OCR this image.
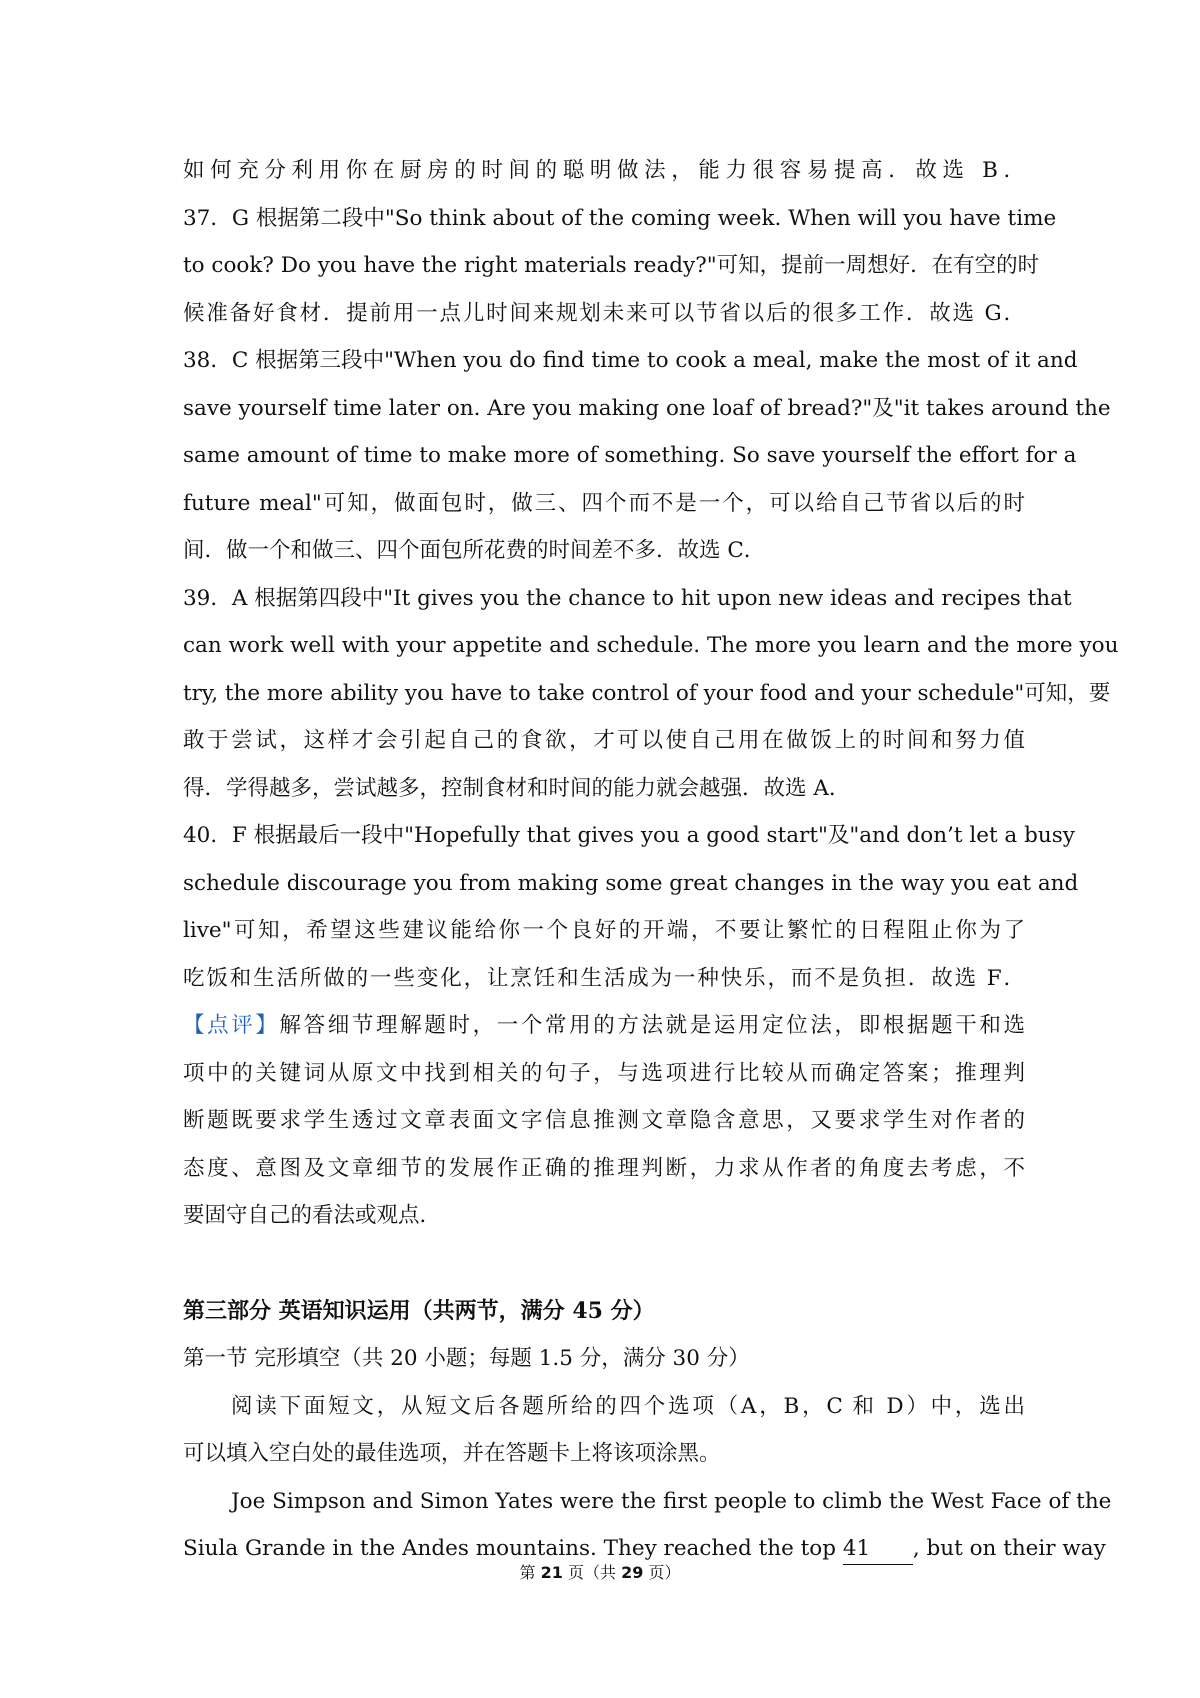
如何充分利用你在厨房的时间的聪明做法，能力很容易提高．故选 B．
37．G 根据第二段中"So think about of the coming week. When will you have time
to cook? Do you have the right materials ready?"可知，提前一周想好．在有空的时
候准备好食材．提前用一点儿时间来规划未来可以节省以后的很多工作．故选 G．
38．C 根据第三段中"When you do find time to cook a meal, make the most of it and
save yourself time later on. Are you making one loaf of bread?"及"it takes around the
same amount of time to make more of something. So save yourself the effort for a
future meal"可知，做面包时，做三、四个而不是一个，可以给自己节省以后的时
间．做一个和做三、四个面包所花费的时间差不多．故选 C．
39．A 根据第四段中"It gives you the chance to hit upon new ideas and recipes that
can work well with your appetite and schedule. The more you learn and the more you
try, the more ability you have to take control of your food and your schedule"可知，要
敢于尝试，这样才会引起自己的食欲，才可以使自己用在做饭上的时间和努力值
得．学得越多，尝试越多，控制食材和时间的能力就会越强．故选 A．
40．F 根据最后一段中"Hopefully that gives you a good start"及"and don’t let a busy
schedule discourage you from making some great changes in the way you eat and
live"可知，希望这些建议能给你一个良好的开端，不要让繁忙的日程阻止你为了
吃饭和生活所做的一些变化，让烹饪和生活成为一种快乐，而不是负担．故选 F．
【点评】解答细节理解题时，一个常用的方法就是运用定位法，即根据题干和选
项中的关键词从原文中找到相关的句子，与选项进行比较从而确定答案；推理判
断题既要求学生透过文章表面文字信息推测文章隐含意思，又要求学生对作者的
态度、意图及文章细节的发展作正确的推理判断，力求从作者的角度去考虑，不
要固守自己的看法或观点．
第三部分 英语知识运用（共两节，满分 45 分）
第一节 完形填空（共 20 小题；每题 1.5 分，满分 30 分）
阅读下面短文，从短文后各题所给的四个选项（A，B，C 和 D）中，选出
可以填入空白处的最佳选项，并在答题卡上将该项涂黑。
Joe Simpson and Simon Yates were the first people to climb the West Face of the
Siula Grande in the Andes mountains. They reached the top 41 , but on their way
第 21 页（共 29 页）
